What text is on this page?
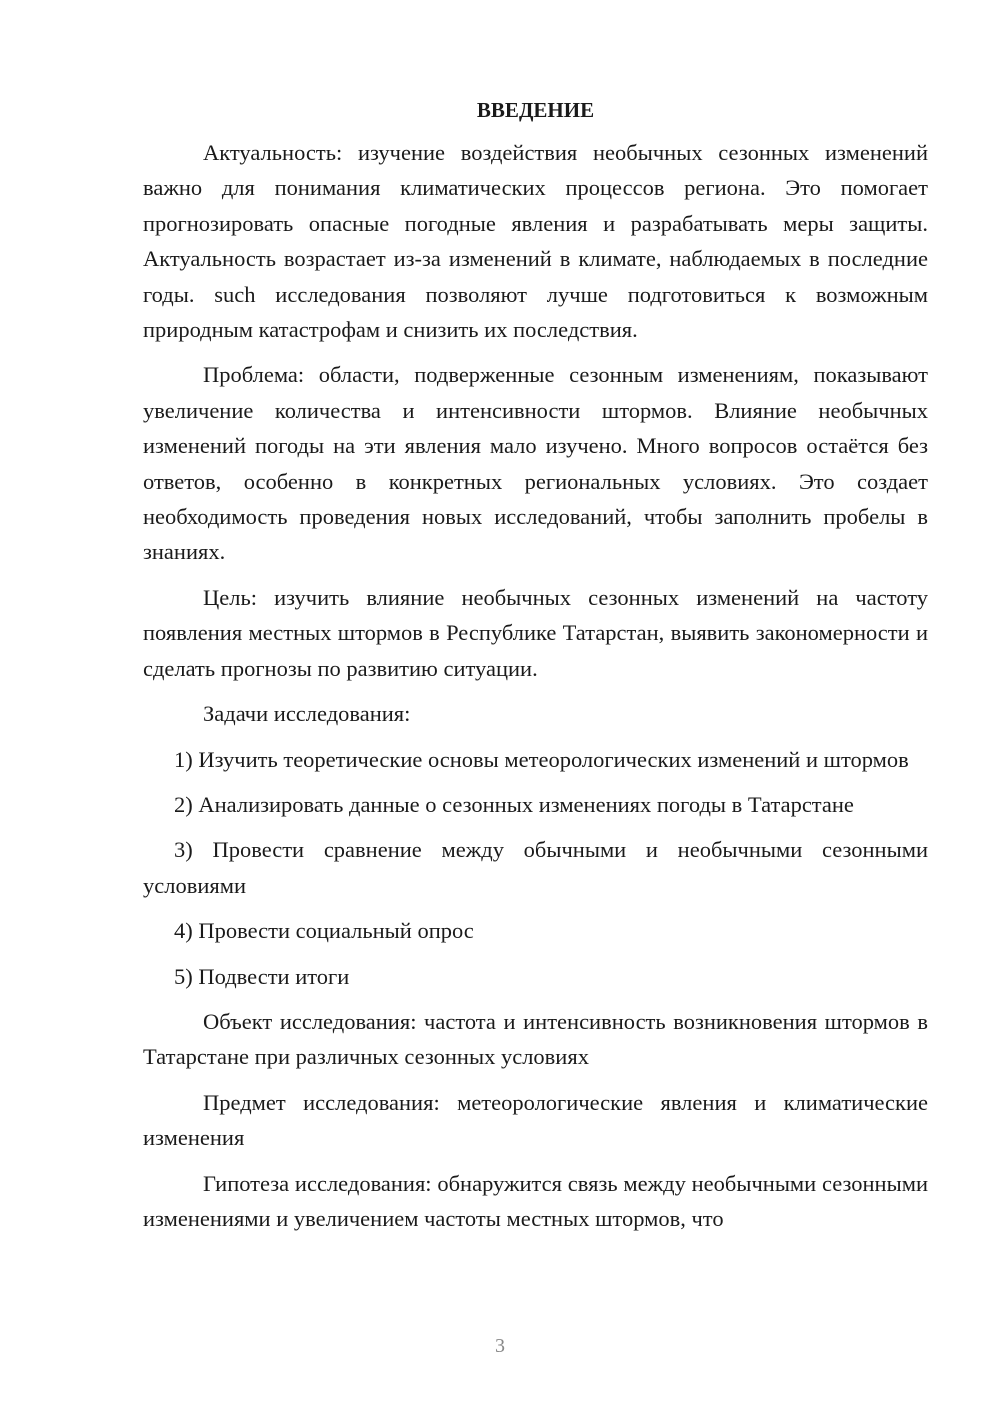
ВВЕДЕНИЕ

Актуальность: изучение воздействия необычных сезонных изменений важно для понимания климатических процессов региона. Это помогает прогнозировать опасные погодные явления и разрабатывать меры защиты. Актуальность возрастает из-за изменений в климате, наблюдаемых в последние годы. such исследования позволяют лучше подготовиться к возможным природным катастрофам и снизить их последствия.

Проблема: области, подверженные сезонным изменениям, показывают увеличение количества и интенсивности штормов. Влияние необычных изменений погоды на эти явления мало изучено. Много вопросов остаётся без ответов, особенно в конкретных региональных условиях. Это создает необходимость проведения новых исследований, чтобы заполнить пробелы в знаниях.

Цель: изучить влияние необычных сезонных изменений на частоту появления местных штормов в Республике Татарстан, выявить закономерности и сделать прогнозы по развитию ситуации.

Задачи исследования:

1) Изучить теоретические основы метеорологических изменений и штормов

2) Анализировать данные о сезонных изменениях погоды в Татарстане

3) Провести сравнение между обычными и необычными сезонными условиями

4) Провести социальный опрос

5) Подвести итоги

Объект исследования: частота и интенсивность возникновения штормов в Татарстане при различных сезонных условиях

Предмет исследования: метеорологические явления и климатические изменения

Гипотеза исследования: обнаружится связь между необычными сезонными изменениями и увеличением частоты местных штормов, что

3
